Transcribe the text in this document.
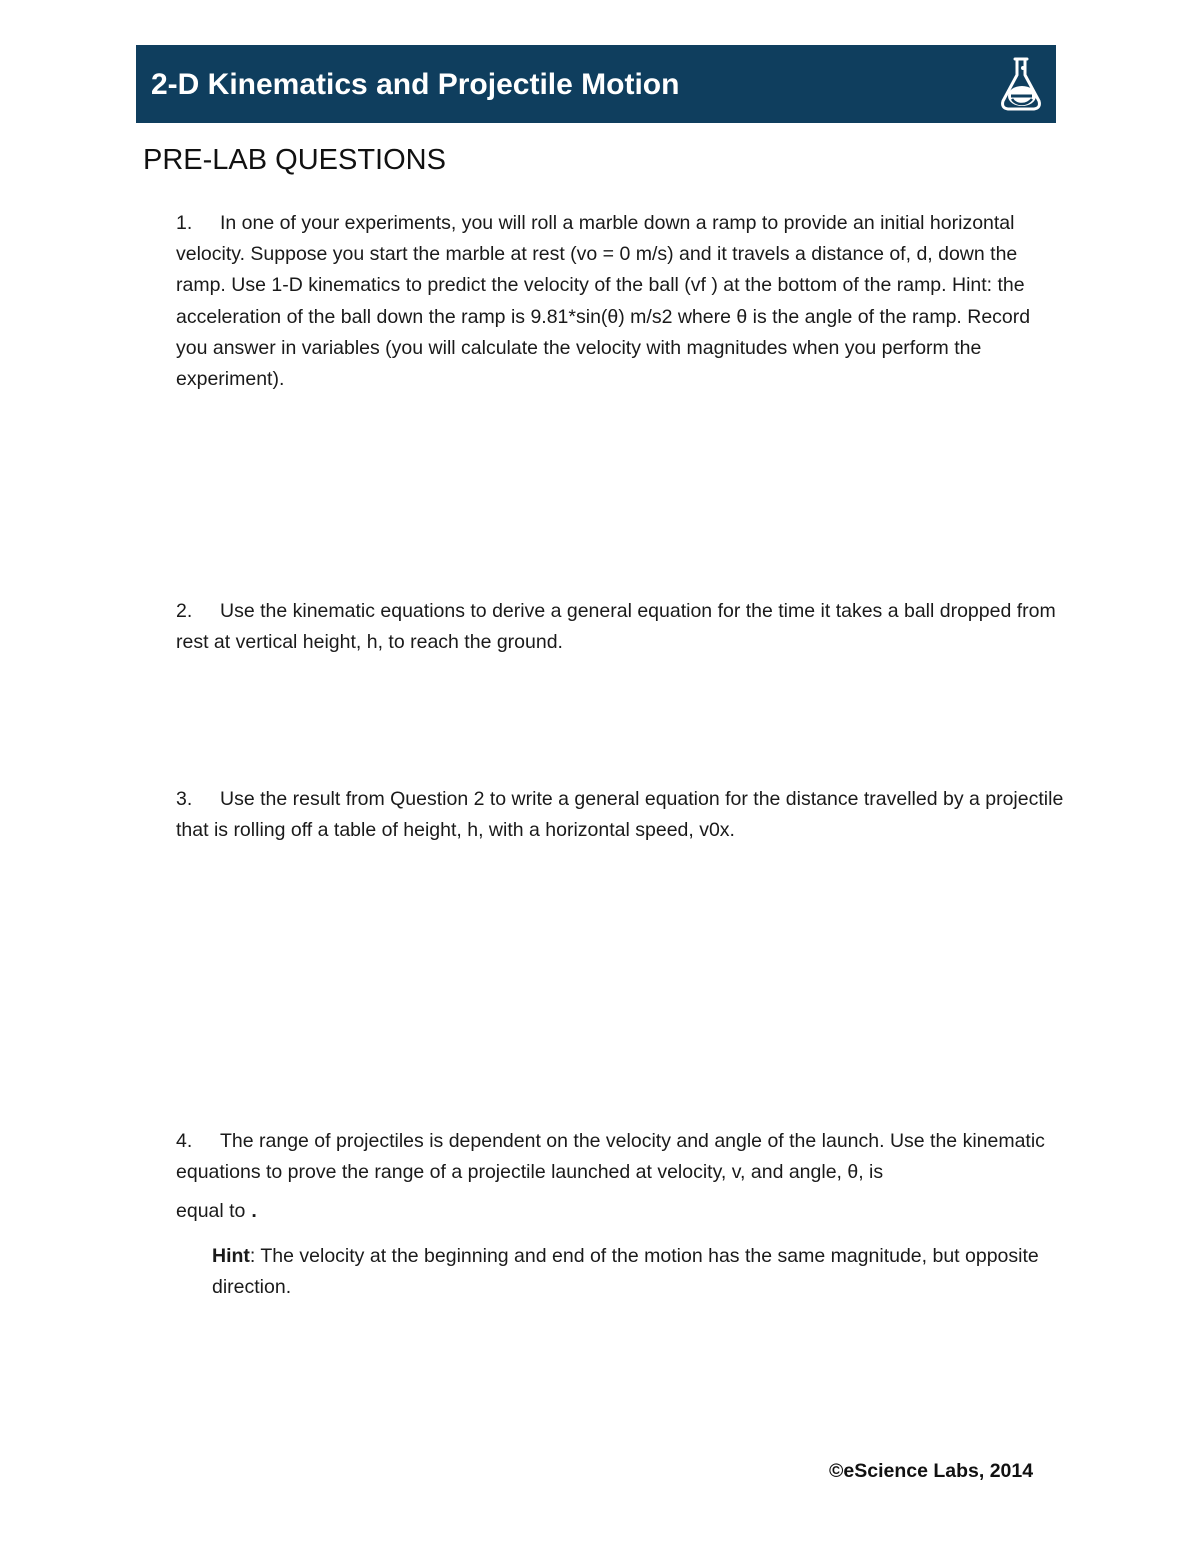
2-D Kinematics and Projectile Motion
PRE-LAB QUESTIONS
1. In one of your experiments, you will roll a marble down a ramp to provide an initial horizontal velocity. Suppose you start the marble at rest (vo = 0 m/s) and it travels a distance of, d, down the ramp. Use 1-D kinematics to predict the velocity of the ball (vf ) at the bottom of the ramp. Hint: the acceleration of the ball down the ramp is 9.81*sin(θ) m/s2 where θ is the angle of the ramp. Record you answer in variables (you will calculate the velocity with magnitudes when you perform the experiment).
2. Use the kinematic equations to derive a general equation for the time it takes a ball dropped from rest at vertical height, h, to reach the ground.
3. Use the result from Question 2 to write a general equation for the distance travelled by a projectile that is rolling off a table of height, h, with a horizontal speed, v0x.
4. The range of projectiles is dependent on the velocity and angle of the launch. Use the kinematic equations to prove the range of a projectile launched at velocity, v, and angle, θ, is
equal to .
Hint: The velocity at the beginning and end of the motion has the same magnitude, but opposite direction.
©eScience Labs, 2014
